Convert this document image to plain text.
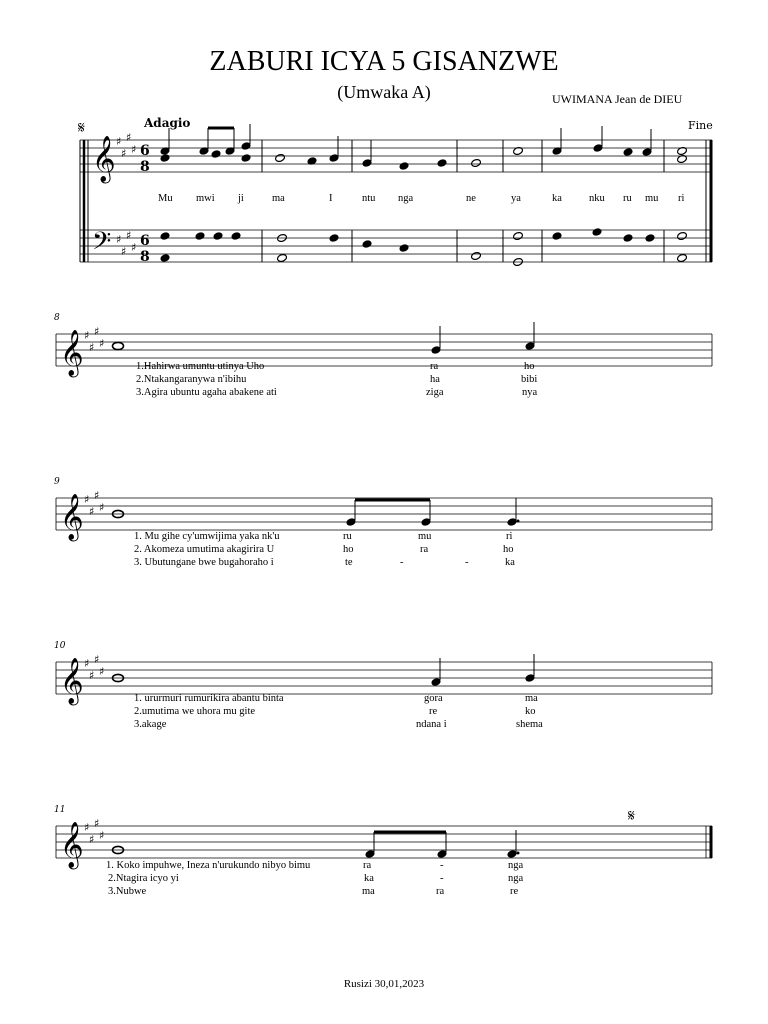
ZABURI ICYA 5 GISANZWE
(Umwaka A)	UWIMANA Jean de DIEU
𝄞
𝄢
♯
♯
♯
♯
♯
♯
♯
♯
6
8
6
8
𝄞
𝄞
𝄞
𝄞
♯
♯
♯
♯
♯
♯
♯
♯
♯
♯
♯
♯
♯
♯
♯
♯
𝄋	Adagio	Fine
𝄋
Mu mwi ji	ma	I	ntu nga	ne	ya	ka	nku ru mu ri
8
9
10
11
1.Hahirwa umuntu utinya Uho	ra	ho
2.Ntakangaranywa n'ibihu	ha	bibi
3.Agira ubuntu agaha abakene ati	ziga	nya
1. Mu gihe cy'umwijima yaka nk'u	ru	mu	ri
2. Akomeza umutima akagirira U	ho	ra	ho
3. Ubutungane bwe bugahoraho i	te	-	-	ka
1. ururmuri rumurikira abantu binta	gora	ma
2.umutima we uhora mu gite	re	ko
3.akage	ndana i	shema
1. Koko impuhwe, Ineza n'urukundo nibyo bimu	ra	-	nga
2.Ntagira icyo yi	ka	-	nga
3.Nubwe	ma	ra	re
Rusizi 30,01,2023
